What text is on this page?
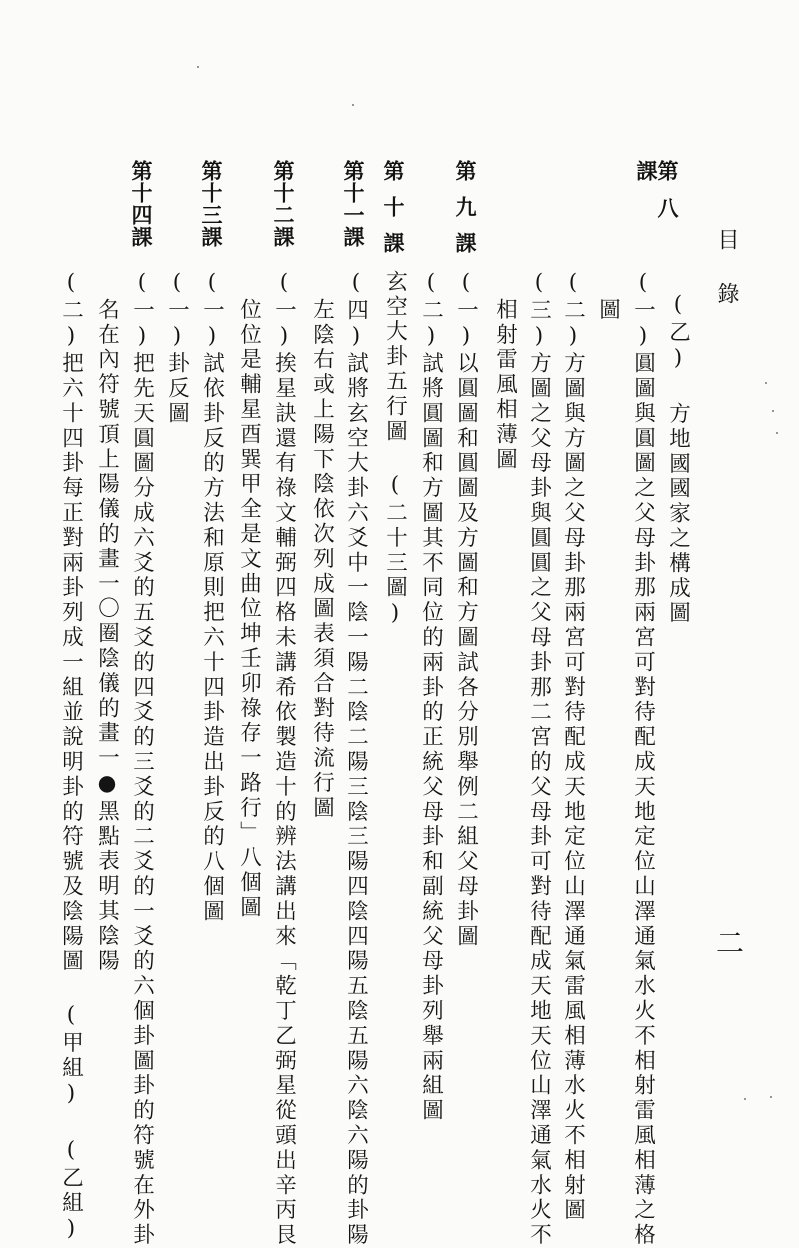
目
錄
二
第八課
(乙) 方地國國家之構成圖
(一)圓圖與圓圖之父母卦那兩宮可對待配成天地定位山澤通氣水火不相射雷風相薄之格
圖
(二)方圖與方圖之父母卦那兩宮可對待配成天地定位山澤通氣雷風相薄水火不相射圖
(三)方圖之父母卦與圓圓之父母卦那二宮的父母卦可對待配成天地天位山澤通氣水火不
相射雷風相薄圖
第九課
(一)以圓圖和圓圖及方圖和方圖試各分別舉例二組父母卦圖
(二)試將圓圖和方圖其不同位的兩卦的正統父母卦和副統父母卦列舉兩組圖
第十課
玄空大卦五行圖 (二十三圖)
第十一課
(四)試將玄空大卦六爻中一陰一陽二陰二陽三陰三陽四陰四陽五陰五陽六陰六陽的卦陽
左陰右或上陽下陰依次列成圖表須合對待流行圖
第十二課
(一)挨星訣還有祿文輔弼四格未講希依製造十的辨法講出來「乾丁乙弼星從頭出辛丙艮
位位是輔星酉巽甲全是文曲位坤壬卯祿存一路行」八個圖
第十三課
(一)試依卦反的方法和原則把六十四卦造出卦反的八個圖
第十四課
(一)卦反圖
(一)把先天圓圖分成六爻的五爻的四爻的三爻的二爻的一爻的六個卦圖卦的符號在外卦
名在內符號頂上陽儀的畫一〇圈陰儀的畫一●黑點表明其陰陽
(二)把六十四卦每正對兩卦列成一組並說明卦的符號及陰陽圖 (甲組) (乙組)
